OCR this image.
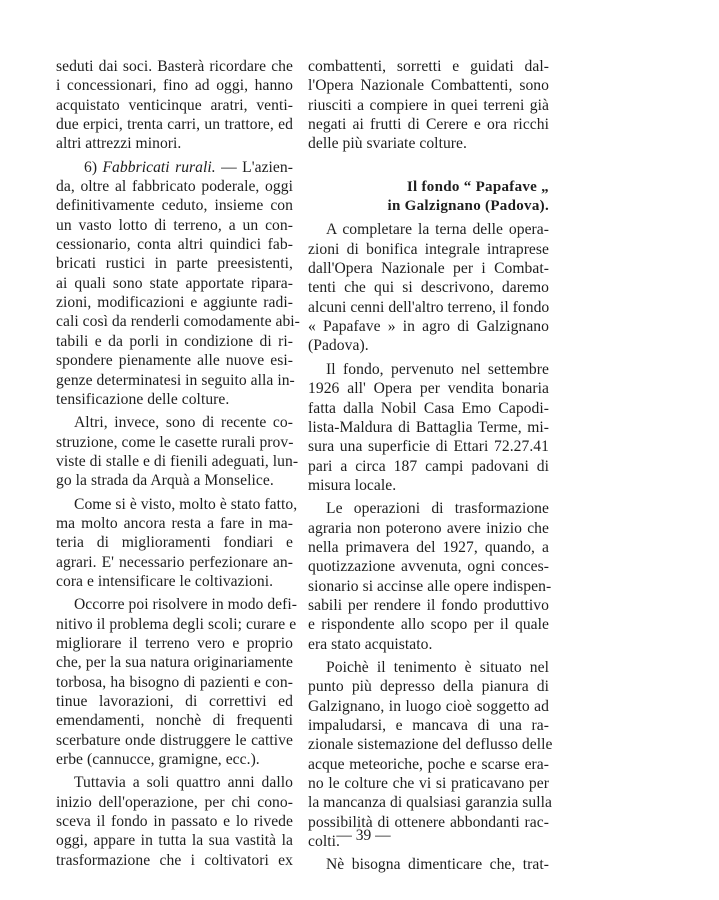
seduti dai soci. Basterà ricordare che
i concessionari, fino ad oggi, hanno
acquistato venticinque aratri, venti-
due erpici, trenta carri, un trattore, ed
altri attrezzi minori.
6) Fabbricati rurali. — L'azien-
da, oltre al fabbricato poderale, oggi
definitivamente ceduto, insieme con
un vasto lotto di terreno, a un con-
cessionario, conta altri quindici fab-
bricati rustici in parte preesistenti,
ai quali sono state apportate ripara-
zioni, modificazioni e aggiunte radi-
cali così da renderli comodamente abi-
tabili e da porli in condizione di ri-
spondere pienamente alle nuove esi-
genze determinatesi in seguito alla in-
tensificazione delle colture.
Altri, invece, sono di recente co-
struzione, come le casette rurali prov-
viste di stalle e di fienili adeguati, lun-
go la strada da Arquà a Monselice.
Come si è visto, molto è stato fatto,
ma molto ancora resta a fare in ma-
teria di miglioramenti fondiari e
agrari. E' necessario perfezionare an-
cora e intensificare le coltivazioni.
Occorre poi risolvere in modo defi-
nitivo il problema degli scoli; curare e
migliorare il terreno vero e proprio
che, per la sua natura originariamente
torbosa, ha bisogno di pazienti e con-
tinue lavorazioni, di correttivi ed
emendamenti, nonchè di frequenti
scerbature onde distruggere le cattive
erbe (cannucce, gramigne, ecc.).
Tuttavia a soli quattro anni dallo
inizio dell'operazione, per chi cono-
sceva il fondo in passato e lo rivede
oggi, appare in tutta la sua vastità la
trasformazione che i coltivatori ex
combattenti, sorretti e guidati dal-
l'Opera Nazionale Combattenti, sono
riusciti a compiere in quei terreni già
negati ai frutti di Cerere e ora ricchi
delle più svariate colture.
Il fondo “ Papafave „
in Galzignano (Padova).
A completare la terna delle opera-
zioni di bonifica integrale intraprese
dall'Opera Nazionale per i Combat-
tenti che qui si descrivono, daremo
alcuni cenni dell'altro terreno, il fondo
« Papafave » in agro di Galzignano
(Padova).
Il fondo, pervenuto nel settembre
1926 all' Opera per vendita bonaria
fatta dalla Nobil Casa Emo Capodi-
lista-Maldura di Battaglia Terme, mi-
sura una superficie di Ettari 72.27.41
pari a circa 187 campi padovani di
misura locale.
Le operazioni di trasformazione
agraria non poterono avere inizio che
nella primavera del 1927, quando, a
quotizzazione avvenuta, ogni conces-
sionario si accinse alle opere indispen-
sabili per rendere il fondo produttivo
e rispondente allo scopo per il quale
era stato acquistato.
Poichè il tenimento è situato nel
punto più depresso della pianura di
Galzignano, in luogo cioè soggetto ad
impaludarsi, e mancava di una ra-
zionale sistemazione del deflusso delle
acque meteoriche, poche e scarse era-
no le colture che vi si praticavano per
la mancanza di qualsiasi garanzia sulla
possibilità di ottenere abbondanti rac-
colti.
Nè bisogna dimenticare che, trat-
— 39 —
